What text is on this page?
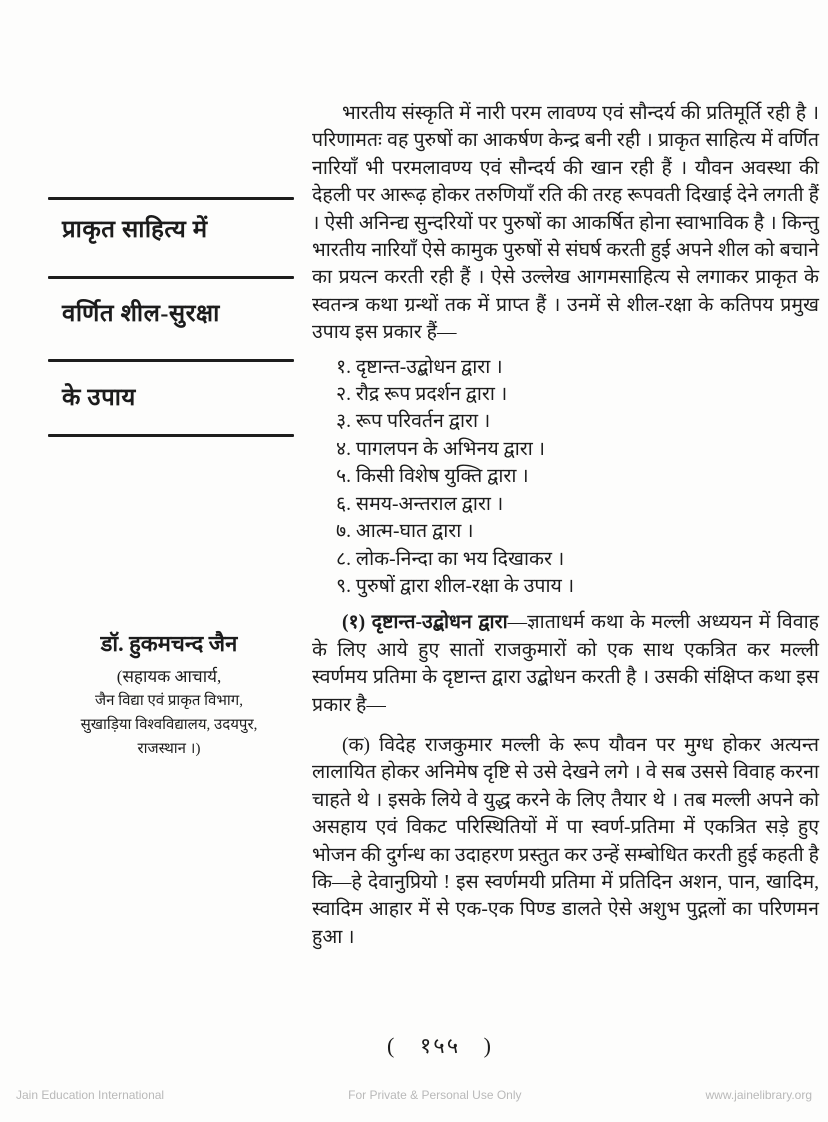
प्राकृत साहित्य में
वर्णित शील-सुरक्षा
के उपाय
डॉ. हुकमचन्द जैन
(सहायक आचार्य,
जैन विद्या एवं प्राकृत विभाग,
सुखाड़िया विश्वविद्यालय, उदयपुर,
राजस्थान ।)

भारतीय संस्कृति में नारी परम लावण्य एवं सौन्दर्य की प्रतिमूर्ति रही है । परिणामतः वह पुरुषों का आकर्षण केन्द्र बनी रही । प्राकृत साहित्य में वर्णित नारियाँ भी परमलावण्य एवं सौन्दर्य की खान रही हैं । यौवन अवस्था की देहली पर आरूढ़ होकर तरुणियाँ रति की तरह रूपवती दिखाई देने लगती हैं । ऐसी अनिन्द्य सुन्दरियों पर पुरुषों का आकर्षित होना स्वाभाविक है । किन्तु भारतीय नारियाँ ऐसे कामुक पुरुषों से संघर्ष करती हुई अपने शील को बचाने का प्रयत्न करती रही हैं । ऐसे उल्लेख आगमसाहित्य से लगाकर प्राकृत के स्वतन्त्र कथा ग्रन्थों तक में प्राप्त हैं । उनमें से शील-रक्षा के कतिपय प्रमुख उपाय इस प्रकार हैं—

१. दृष्टान्त-उद्बोधन द्वारा ।
२. रौद्र रूप प्रदर्शन द्वारा ।
३. रूप परिवर्तन द्वारा ।
४. पागलपन के अभिनय द्वारा ।
५. किसी विशेष युक्ति द्वारा ।
६. समय-अन्तराल द्वारा ।
७. आत्म-घात द्वारा ।
८. लोक-निन्दा का भय दिखाकर ।
९. पुरुषों द्वारा शील-रक्षा के उपाय ।

(१) दृष्टान्त-उद्बोधन द्वारा—ज्ञाताधर्म कथा के मल्ली अध्ययन में विवाह के लिए आये हुए सातों राजकुमारों को एक साथ एकत्रित कर मल्ली स्वर्णमय प्रतिमा के दृष्टान्त द्वारा उद्बोधन करती है । उसकी संक्षिप्त कथा इस प्रकार है—

(क) विदेह राजकुमार मल्ली के रूप यौवन पर मुग्ध होकर अत्यन्त लालायित होकर अनिमेष दृष्टि से उसे देखने लगे । वे सब उससे विवाह करना चाहते थे । इसके लिये वे युद्ध करने के लिए तैयार थे । तब मल्ली अपने को असहाय एवं विकट परिस्थितियों में पा स्वर्ण-प्रतिमा में एकत्रित सड़े हुए भोजन की दुर्गन्ध का उदाहरण प्रस्तुत कर उन्हें सम्बोधित करती हुई कहती है कि—हे देवानुप्रियो ! इस स्वर्णमयी प्रतिमा में प्रतिदिन अशन, पान, खादिम, स्वादिम आहार में से एक-एक पिण्ड डालते ऐसे अशुभ पुद्गलों का परिणमन हुआ ।

( १५५ )
Jain Education International	For Private & Personal Use Only	www.jainelibrary.org
